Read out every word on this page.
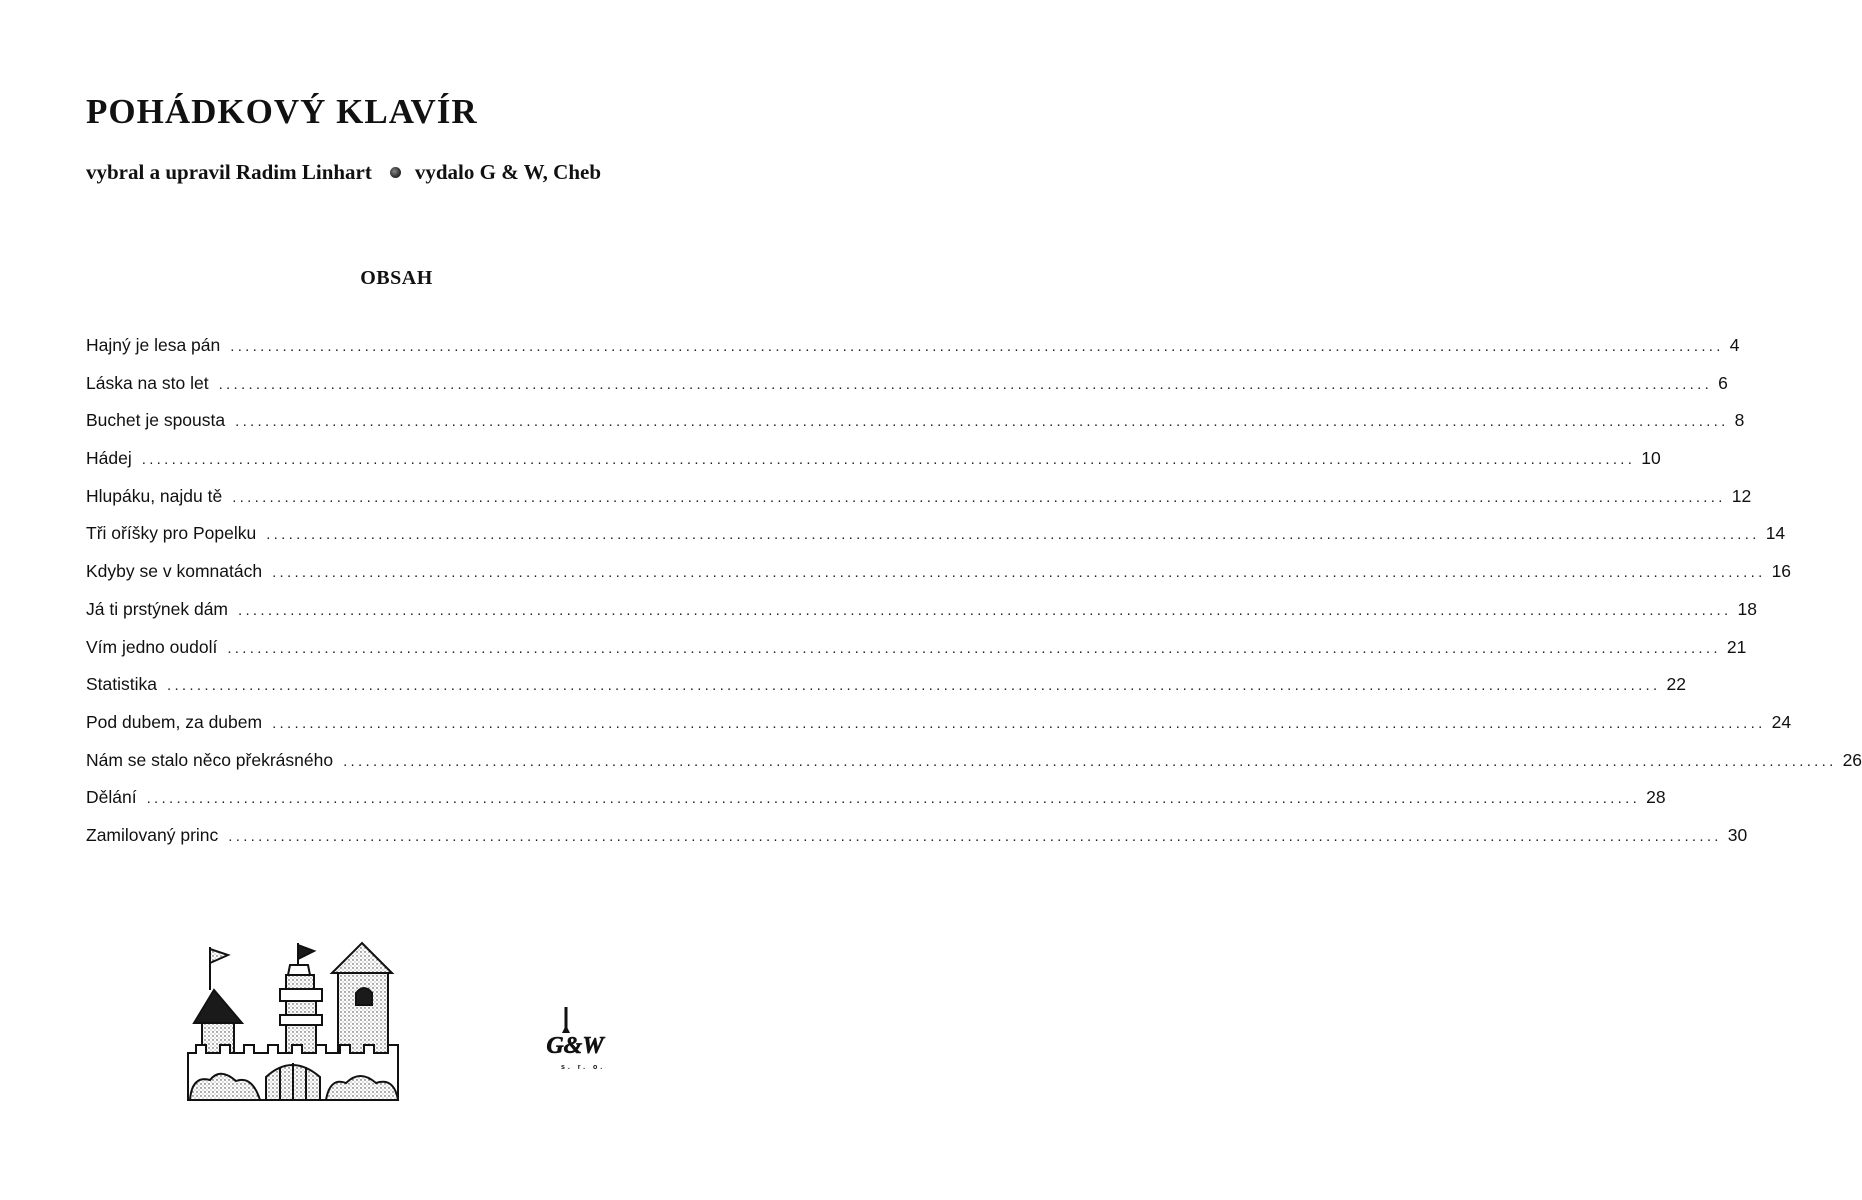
POHÁDKOVÝ KLAVÍR
vybral a upravil Radim Linhart vydalo G & W, Cheb
OBSAH
Hajný je lesa pán ........................................................................................................................................................................................................ 4
Láska na sto let ........................................................................................................................................................................................................ 6
Buchet je spousta ........................................................................................................................................................................................................ 8
Hádej ........................................................................................................................................................................................................ 10
Hlupáku, najdu tě ........................................................................................................................................................................................................ 12
Tři oříšky pro Popelku ........................................................................................................................................................................................................ 14
Kdyby se v komnatách ........................................................................................................................................................................................................ 16
Já ti prstýnek dám ........................................................................................................................................................................................................ 18
Vím jedno oudolí ........................................................................................................................................................................................................ 21
Statistika ........................................................................................................................................................................................................ 22
Pod dubem, za dubem ........................................................................................................................................................................................................ 24
Nám se stalo něco překrásného ........................................................................................................................................................................................................ 26
Dělání ........................................................................................................................................................................................................ 28
Zamilovaný princ ........................................................................................................................................................................................................ 30
G&W
s. r. o.
